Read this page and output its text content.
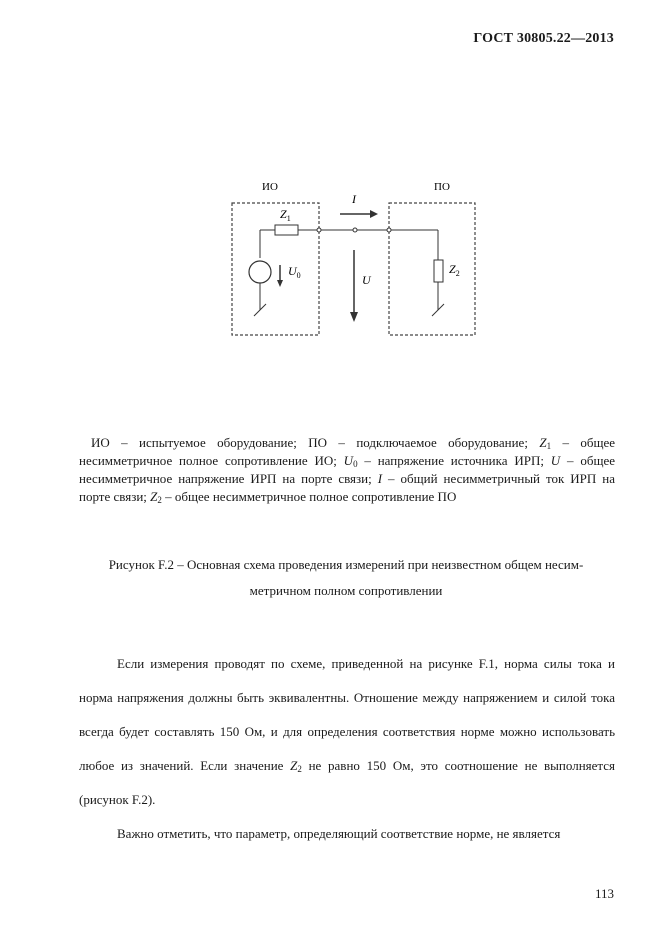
ГОСТ 30805.22—2013
ИО	ПО
$Z_1$
$U_0$
I
U
$Z_2$

ИО – испытуемое оборудование; ПО – подключаемое оборудование; $Z_1$ – общее несимметричное полное сопротивление ИО; $U_0$ – напряжение источника ИРП; U – общее несимметричное напряжение ИРП на порте связи; I – общий несимметричный ток ИРП на порте связи; $Z_2$ – общее несимметричное полное сопротивление ПО

Рисунок F.2 – Основная схема проведения измерений при неизвестном общем несим-
метричном полном сопротивлении

Если измерения проводят по схеме, приведенной на рисунке F.1, норма силы тока и норма напряжения должны быть эквивалентны. Отношение между напряжением и силой тока всегда будет составлять 150 Ом, и для определения соответствия норме можно использовать любое из значений. Если значение $Z_2$ не равно 150 Ом, это соотношение не выполняется (рисунок F.2).

Важно отметить, что параметр, определяющий соответствие норме, не является

113
